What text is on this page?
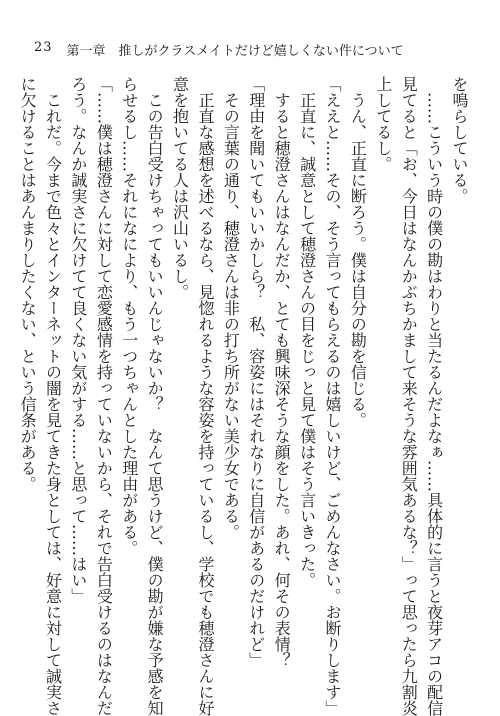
23 第一章　推しがクラスメイトだけど嬉しくない件について

を鳴らしている。

　……こういう時の僕の勘はわりと当たるんだよなぁ……具体的に言うと夜芽アコの配信

見てると「お、今日はなんかぶちかまして来そうな雰囲気あるな？」って思ったら九割炎

上してるし。

　うん、正直に断ろう。僕は自分の勘を信じる。

「ええと……その、そう言ってもらえるのは嬉しいけど、ごめんなさい。お断りします」

　正直に、誠意として穂澄さんの目をじっと見て僕はそう言いきった。

　すると穂澄さんはなんだか、とても興味深そうな顔をした。あれ、何その表情？

「理由を聞いてもいいかしら？　私、容姿にはそれなりに自信があるのだけれど」

　その言葉の通り、穂澄さんは非の打ち所がない美少女である。

　正直な感想を述べるなら、見惚れるような容姿を持っているし、学校でも穂澄さんに好

意を抱いてる人は沢山いるし。

　この告白受けちゃってもいいんじゃないか？　なんて思うけど、僕の勘が嫌な予感を知

らせるし……それになにより、もう一つちゃんとした理由がある。

「……僕は穂澄さんに対して恋愛感情を持っていないから、それで告白受けるのはなんだ

ろう。なんか誠実さに欠けてて良くない気がする……と思って……はい」

　これだ。今まで色々とインターネットの闇を見てきた身としては、好意に対して誠実さ

に欠けることはあんまりしたくない、という信条がある。
